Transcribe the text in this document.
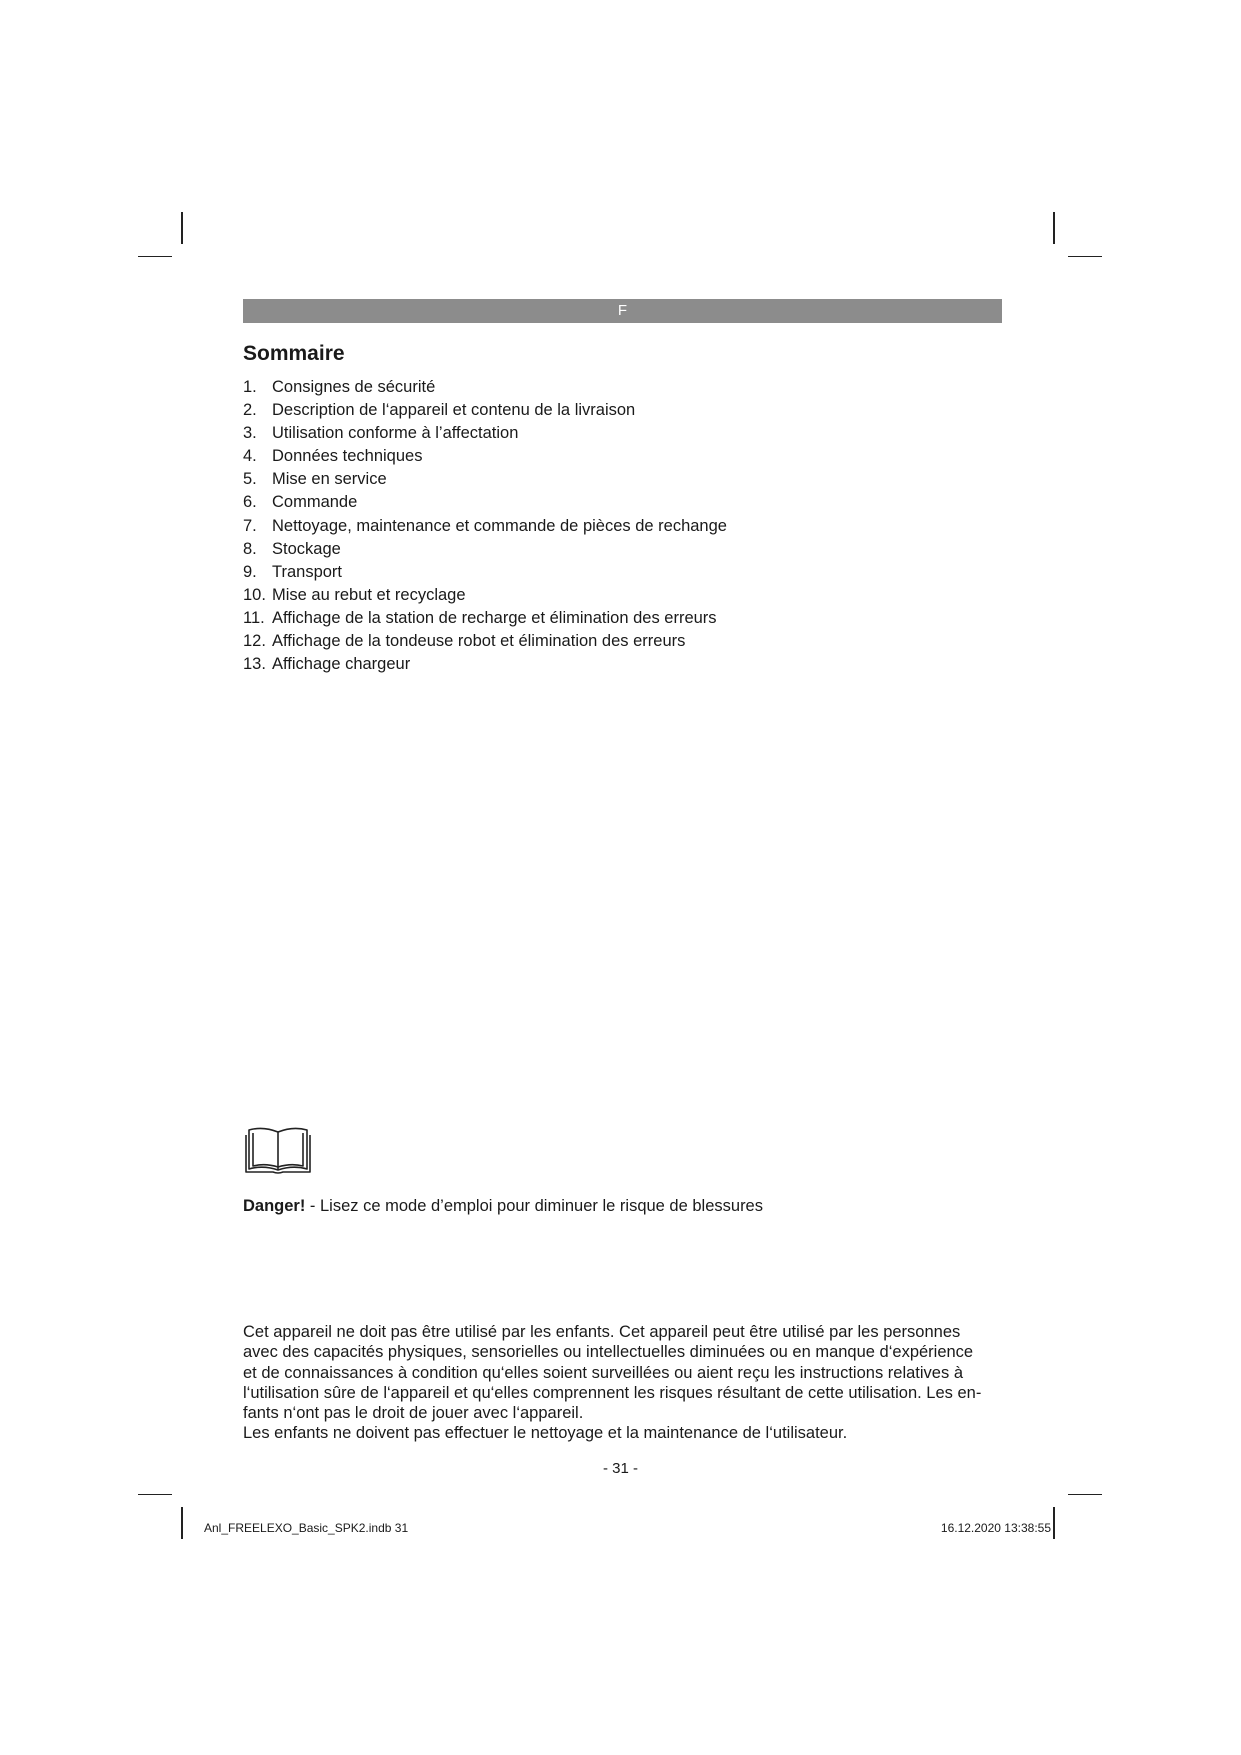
F
Sommaire
1. Consignes de sécurité
2. Description de l‘appareil et contenu de la livraison
3. Utilisation conforme à l’affectation
4. Données techniques
5. Mise en service
6. Commande
7. Nettoyage, maintenance et commande de pièces de rechange
8. Stockage
9. Transport
10. Mise au rebut et recyclage
11. Affichage de la station de recharge et élimination des erreurs
12. Affichage de la tondeuse robot et élimination des erreurs
13. Affichage chargeur
Danger! - Lisez ce mode d’emploi pour diminuer le risque de blessures
Cet appareil ne doit pas être utilisé par les enfants. Cet appareil peut être utilisé par les personnes
avec des capacités physiques, sensorielles ou intellectuelles diminuées ou en manque d‘expérience
et de connaissances à condition qu‘elles soient surveillées ou aient reçu les instructions relatives à
l‘utilisation sûre de l‘appareil et qu‘elles comprennent les risques résultant de cette utilisation. Les en-
fants n‘ont pas le droit de jouer avec l‘appareil.
Les enfants ne doivent pas effectuer le nettoyage et la maintenance de l‘utilisateur.
- 31 -
Anl_FREELEXO_Basic_SPK2.indb 31	16.12.2020 13:38:55
